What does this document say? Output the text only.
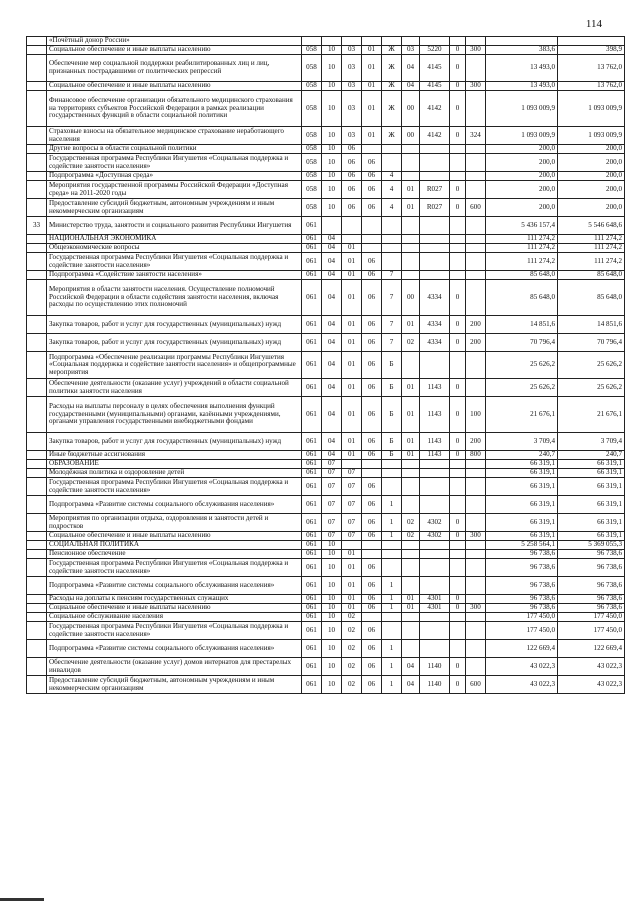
114
	«Почётный донор России»											
	Социальное обеспечение и иные выплаты населению	058	10	03	01	Ж	03	5220	0	300	383,6	398,9
	Обеспечение мер социальной поддержки реабилитированных лиц и лиц, признанных пострадавшими от политических репрессий	058	10	03	01	Ж	04	4145	0		13 493,0	13 762,0
	Социальное обеспечение и иные выплаты населению	058	10	03	01	Ж	04	4145	0	300	13 493,0	13 762,0
	Финансовое обеспечение организации обязательного медицинского страхования на территориях субъектов Российской Федерации в рамках реализации государственных функций в области социальной политики	058	10	03	01	Ж	00	4142	0		1 093 009,9	1 093 009,9
	Страховые взносы на обязательное медицинское страхование неработающего населения	058	10	03	01	Ж	00	4142	0	324	1 093 009,9	1 093 009,9
	Другие вопросы в области социальной политики	058	10	06							200,0	200,0
	Государственная программа Республики Ингушетия «Социальная поддержка и содействие занятости населения»	058	10	06	06						200,0	200,0
	Подпрограмма «Доступная среда»	058	10	06	06	4					200,0	200,0
	Мероприятия государственной программы Российской Федерации «Доступная среда» на 2011-2020 годы	058	10	06	06	4	01	R027	0		200,0	200,0
	Предоставление субсидий бюджетным, автономным учреждениям и иным некоммерческим организациям	058	10	06	06	4	01	R027	0	600	200,0	200,0
33	Министерство труда, занятости и социального развития Республики Ингушетия	061									5 436 157,4	5 546 648,6
	НАЦИОНАЛЬНАЯ ЭКОНОМИКА	061	04								111 274,2	111 274,2
	Общеэкономические вопросы	061	04	01							111 274,2	111 274,2
	Государственная программа Республики Ингушетия «Социальная поддержка и содействие занятости населения»	061	04	01	06						111 274,2	111 274,2
	Подпрограмма «Содействие занятости населения»	061	04	01	06	7					85 648,0	85 648,0
	Мероприятия в области занятости населения. Осуществление полномочий Российской Федерации в области содействия занятости населения, включая расходы по осуществлению этих полномочий	061	04	01	06	7	00	4334	0		85 648,0	85 648,0
	Закупка товаров, работ и услуг для государственных (муниципальных) нужд	061	04	01	06	7	01	4334	0	200	14 851,6	14 851,6
	Закупка товаров, работ и услуг для государственных (муниципальных) нужд	061	04	01	06	7	02	4334	0	200	70 796,4	70 796,4
	Подпрограмма «Обеспечение реализации программы Республики Ингушетия «Социальная поддержка и содействие занятости населения» и общепрограммные мероприятия	061	04	01	06	Б					25 626,2	25 626,2
	Обеспечение деятельности (оказание услуг) учреждений в области социальной политики занятости населения	061	04	01	06	Б	01	1143	0		25 626,2	25 626,2
	Расходы на выплаты персоналу в целях обеспечения выполнения функций государственными (муниципальными) органами, казёнными учреждениями, органами управления государственными внебюджетными фондами	061	04	01	06	Б	01	1143	0	100	21 676,1	21 676,1
	Закупка товаров, работ и услуг для государственных (муниципальных) нужд	061	04	01	06	Б	01	1143	0	200	3 709,4	3 709,4
	Иные бюджетные ассигнования	061	04	01	06	Б	01	1143	0	800	240,7	240,7
	ОБРАЗОВАНИЕ	061	07								66 319,1	66 319,1
	Молодёжная политика и оздоровление детей	061	07	07							66 319,1	66 319,1
	Государственная программа Республики Ингушетия «Социальная поддержка и содействие занятости населения»	061	07	07	06						66 319,1	66 319,1
	Подпрограмма «Развитие системы социального обслуживания населения»	061	07	07	06	1					66 319,1	66 319,1
	Мероприятия по организации отдыха, оздоровления и занятости детей и подростков	061	07	07	06	1	02	4302	0		66 319,1	66 319,1
	Социальное обеспечение и иные выплаты населению	061	07	07	06	1	02	4302	0	300	66 319,1	66 319,1
	СОЦИАЛЬНАЯ ПОЛИТИКА	061	10								5 258 564,1	5 369 055,3
	Пенсионное обеспечение	061	10	01							96 738,6	96 738,6
	Государственная программа Республики Ингушетия «Социальная поддержка и содействие занятости населения»	061	10	01	06						96 738,6	96 738,6
	Подпрограмма «Развитие системы социального обслуживания населения»	061	10	01	06	1					96 738,6	96 738,6
	Расходы на доплаты к пенсиям государственных служащих	061	10	01	06	1	01	4301	0		96 738,6	96 738,6
	Социальное обеспечение и иные выплаты населению	061	10	01	06	1	01	4301	0	300	96 738,6	96 738,6
	Социальное обслуживание населения	061	10	02							177 450,0	177 450,0
	Государственная программа Республики Ингушетия «Социальная поддержка и содействие занятости населения»	061	10	02	06						177 450,0	177 450,0
	Подпрограмма «Развитие системы социального обслуживания населения»	061	10	02	06	1					122 669,4	122 669,4
	Обеспечение деятельности (оказание услуг) домов интернатов для престарелых инвалидов	061	10	02	06	1	04	1140	0		43 022,3	43 022,3
	Предоставление субсидий бюджетным, автономным учреждениям и иным некоммерческим организациям	061	10	02	06	1	04	1140	0	600	43 022,3	43 022,3
